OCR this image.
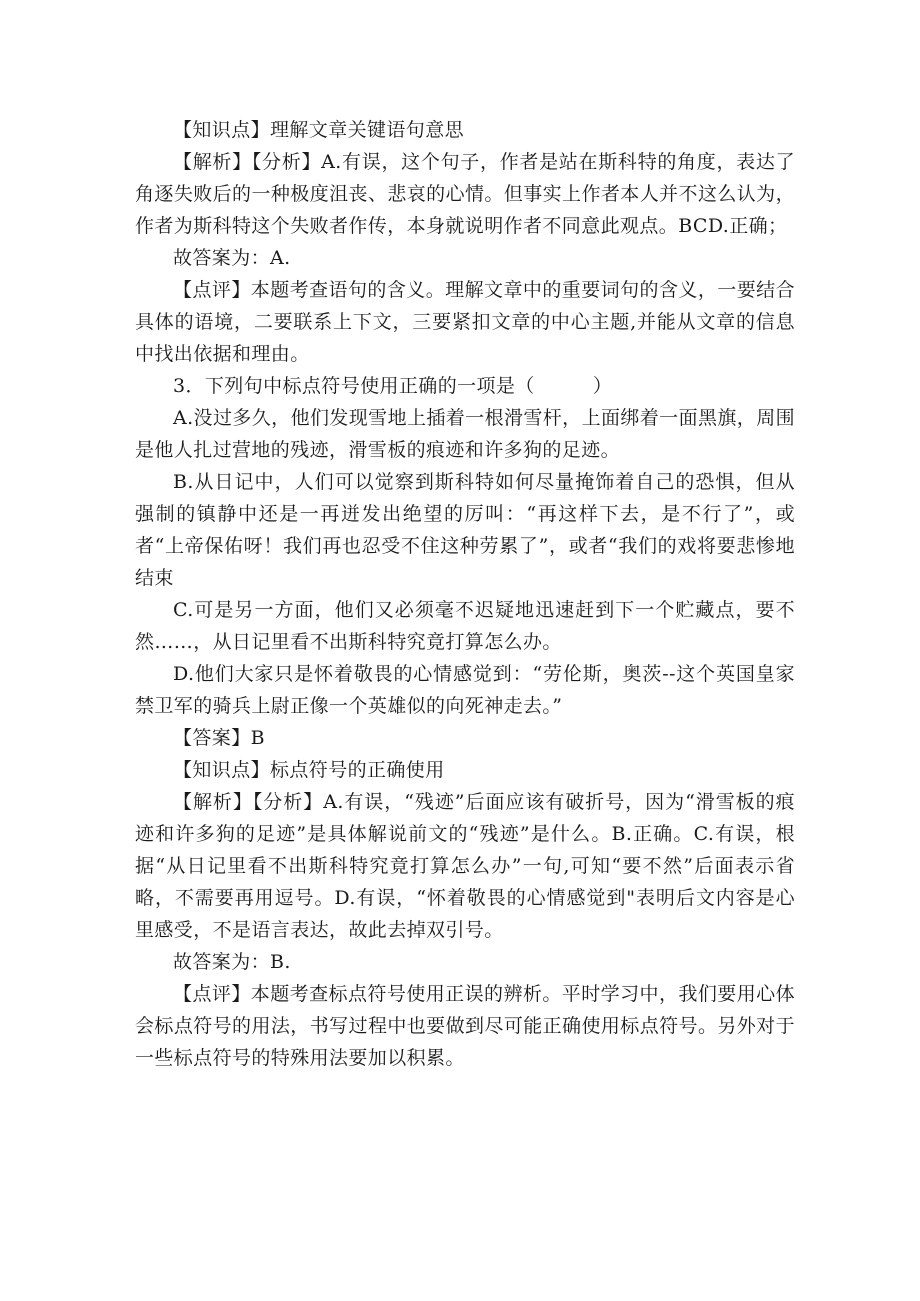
【知识点】理解文章关键语句意思

【解析】【分析】A.有误，这个句子，作者是站在斯科特的角度，表达了角逐失败后的一种极度沮丧、悲哀的心情。但事实上作者本人并不这么认为，作者为斯科特这个失败者作传，本身就说明作者不同意此观点。BCD.正确；

故答案为：A.

【点评】本题考查语句的含义。理解文章中的重要词句的含义，一要结合具体的语境，二要联系上下文，三要紧扣文章的中心主题,并能从文章的信息中找出依据和理由。

3．下列句中标点符号使用正确的一项是（　　　）

A.没过多久，他们发现雪地上插着一根滑雪杆，上面绑着一面黑旗，周围是他人扎过营地的残迹，滑雪板的痕迹和许多狗的足迹。

B.从日记中，人们可以觉察到斯科特如何尽量掩饰着自己的恐惧，但从强制的镇静中还是一再迸发出绝望的厉叫：“再这样下去，是不行了”，或者“上帝保佑呀！我们再也忍受不住这种劳累了”，或者“我们的戏将要悲惨地结束

C.可是另一方面，他们又必须毫不迟疑地迅速赶到下一个贮藏点，要不然……，从日记里看不出斯科特究竟打算怎么办。

D.他们大家只是怀着敬畏的心情感觉到：“劳伦斯，奥茨--这个英国皇家禁卫军的骑兵上尉正像一个英雄似的向死神走去。”

【答案】B

【知识点】标点符号的正确使用

【解析】【分析】A.有误，“残迹”后面应该有破折号，因为“滑雪板的痕迹和许多狗的足迹”是具体解说前文的“残迹”是什么。B.正确。C.有误，根据“从日记里看不出斯科特究竟打算怎么办”一句,可知“要不然”后面表示省略，不需要再用逗号。D.有误，“怀着敬畏的心情感觉到"表明后文内容是心里感受，不是语言表达，故此去掉双引号。

故答案为：B.

【点评】本题考查标点符号使用正误的辨析。平时学习中，我们要用心体会标点符号的用法，书写过程中也要做到尽可能正确使用标点符号。另外对于一些标点符号的特殊用法要加以积累。
